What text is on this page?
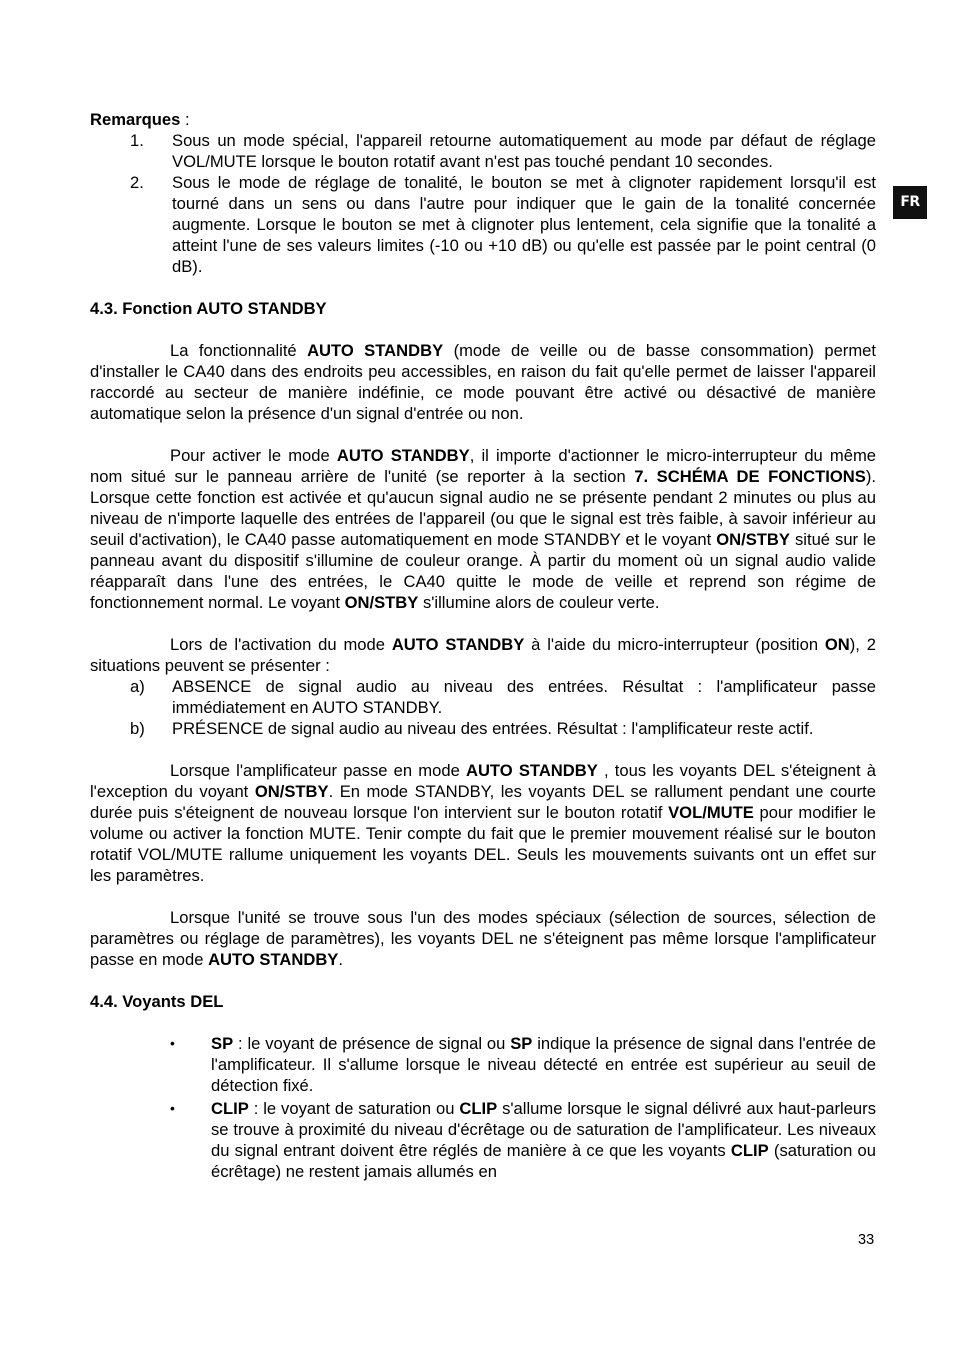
FR

Remarques :

1. Sous un mode spécial, l'appareil retourne automatiquement au mode par défaut de réglage VOL/MUTE lorsque le bouton rotatif avant n'est pas touché pendant 10 secondes.
2. Sous le mode de réglage de tonalité, le bouton se met à clignoter rapidement lorsqu'il est tourné dans un sens ou dans l'autre pour indiquer que le gain de la tonalité concernée augmente. Lorsque le bouton se met à clignoter plus lentement, cela signifie que la tonalité a atteint l'une de ses valeurs limites (-10 ou +10 dB) ou qu'elle est passée par le point central (0 dB).

4.3. Fonction AUTO STANDBY

La fonctionnalité AUTO STANDBY (mode de veille ou de basse consommation) permet d'installer le CA40 dans des endroits peu accessibles, en raison du fait qu'elle permet de laisser l'appareil raccordé au secteur de manière indéfinie, ce mode pouvant être activé ou désactivé de manière automatique selon la présence d'un signal d'entrée ou non.

Pour activer le mode AUTO STANDBY, il importe d'actionner le micro-interrupteur du même nom situé sur le panneau arrière de l'unité (se reporter à la section 7. SCHÉMA DE FONCTIONS). Lorsque cette fonction est activée et qu'aucun signal audio ne se présente pendant 2 minutes ou plus au niveau de n'importe laquelle des entrées de l'appareil (ou que le signal est très faible, à savoir inférieur au seuil d'activation), le CA40 passe automatiquement en mode STANDBY et le voyant ON/STBY situé sur le panneau avant du dispositif s'illumine de couleur orange. À partir du moment où un signal audio valide réapparaît dans l'une des entrées, le CA40 quitte le mode de veille et reprend son régime de fonctionnement normal. Le voyant ON/STBY s'illumine alors de couleur verte.

Lors de l'activation du mode AUTO STANDBY à l'aide du micro-interrupteur (position ON), 2 situations peuvent se présenter :

a) ABSENCE de signal audio au niveau des entrées. Résultat : l'amplificateur passe immédiatement en AUTO STANDBY.
b) PRÉSENCE de signal audio au niveau des entrées. Résultat : l'amplificateur reste actif.

Lorsque l'amplificateur passe en mode AUTO STANDBY , tous les voyants DEL s'éteignent à l'exception du voyant ON/STBY. En mode STANDBY, les voyants DEL se rallument pendant une courte durée puis s'éteignent de nouveau lorsque l'on intervient sur le bouton rotatif VOL/MUTE pour modifier le volume ou activer la fonction MUTE. Tenir compte du fait que le premier mouvement réalisé sur le bouton rotatif VOL/MUTE rallume uniquement les voyants DEL. Seuls les mouvements suivants ont un effet sur les paramètres.

Lorsque l'unité se trouve sous l'un des modes spéciaux (sélection de sources, sélection de paramètres ou réglage de paramètres), les voyants DEL ne s'éteignent pas même lorsque l'amplificateur passe en mode AUTO STANDBY.

4.4. Voyants DEL

• SP : le voyant de présence de signal ou SP indique la présence de signal dans l'entrée de l'amplificateur. Il s'allume lorsque le niveau détecté en entrée est supérieur au seuil de détection fixé.
• CLIP : le voyant de saturation ou CLIP s'allume lorsque le signal délivré aux haut-parleurs se trouve à proximité du niveau d'écrêtage ou de saturation de l'amplificateur. Les niveaux du signal entrant doivent être réglés de manière à ce que les voyants CLIP (saturation ou écrêtage) ne restent jamais allumés en
33
